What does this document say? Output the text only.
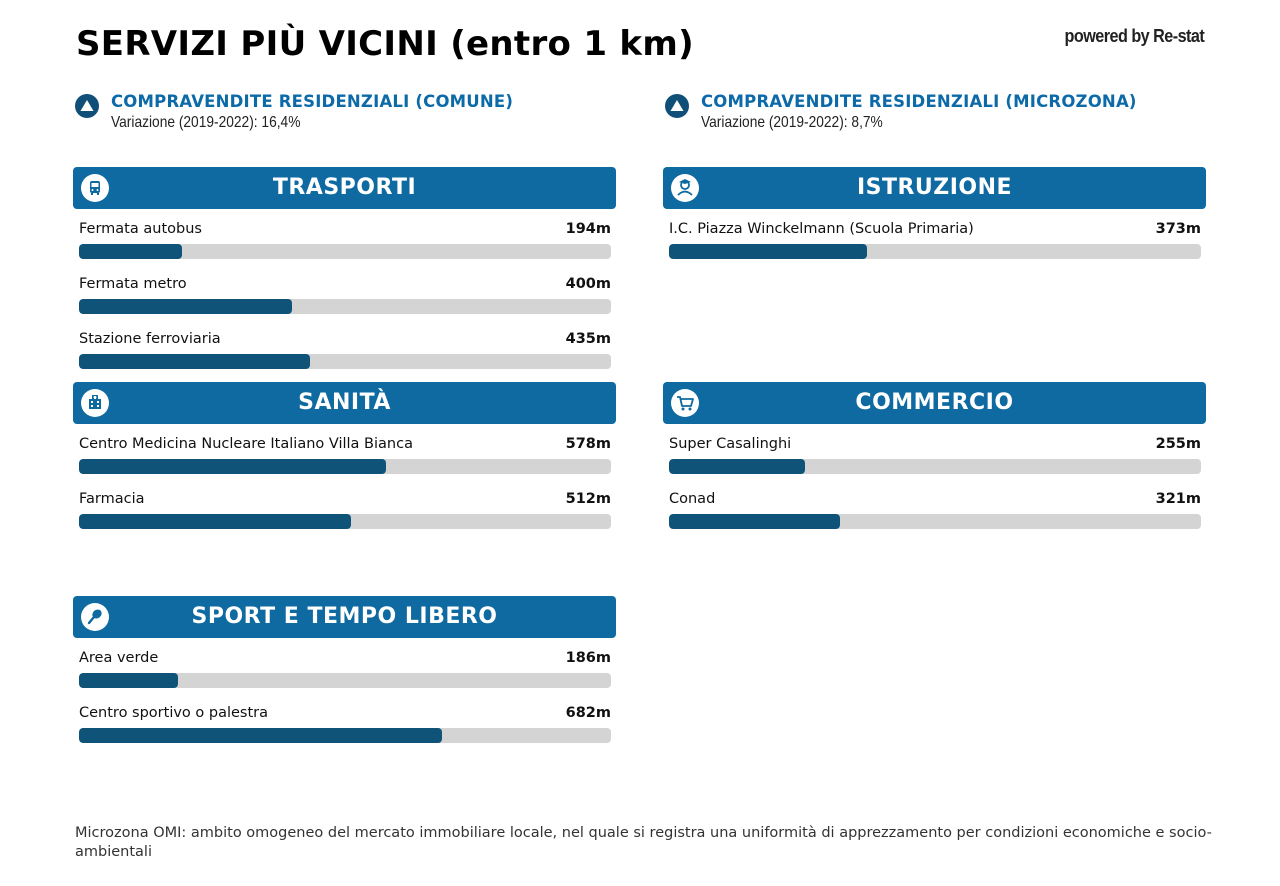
SERVIZI PIÙ VICINI (entro 1 km)	powered by Re-stat
COMPRAVENDITE RESIDENZIALI (COMUNE)
Variazione (2019-2022): 16,4%
COMPRAVENDITE RESIDENZIALI (MICROZONA)
Variazione (2019-2022): 8,7%
TRASPORTI
Fermata autobus	194m
Fermata metro	400m
Stazione ferroviaria	435m
ISTRUZIONE
I.C. Piazza Winckelmann (Scuola Primaria)	373m
SANITÀ
Centro Medicina Nucleare Italiano Villa Bianca	578m
Farmacia	512m
COMMERCIO
Super Casalinghi	255m
Conad	321m
SPORT E TEMPO LIBERO
Area verde	186m
Centro sportivo o palestra	682m
Microzona OMI: ambito omogeneo del mercato immobiliare locale, nel quale si registra una uniformità di apprezzamento per condizioni economiche e socio-ambientali
